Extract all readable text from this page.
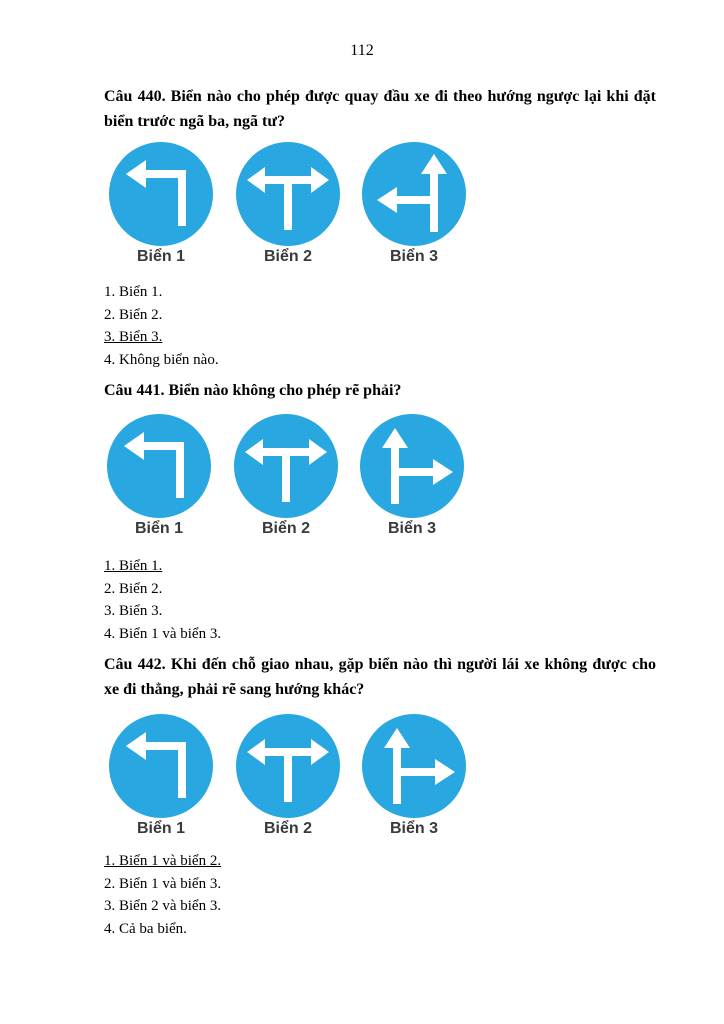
112
Câu 440. Biển nào cho phép được quay đầu xe đi theo hướng ngược lại khi đặt biển trước ngã ba, ngã tư?
Biển 1	Biển 2	Biển 3
1. Biển 1.
2. Biển 2.
3. Biển 3.
4. Không biển nào.
Câu 441. Biển nào không cho phép rẽ phải?
Biển 1	Biển 2	Biển 3
1. Biển 1.
2. Biển 2.
3. Biển 3.
4. Biển 1 và biển 3.
Câu 442. Khi đến chỗ giao nhau, gặp biển nào thì người lái xe không được cho xe đi thẳng, phải rẽ sang hướng khác?
Biển 1	Biển 2	Biển 3
1. Biển 1 và biển 2.
2. Biển 1 và biển 3.
3. Biển 2 và biển 3.
4. Cả ba biển.
